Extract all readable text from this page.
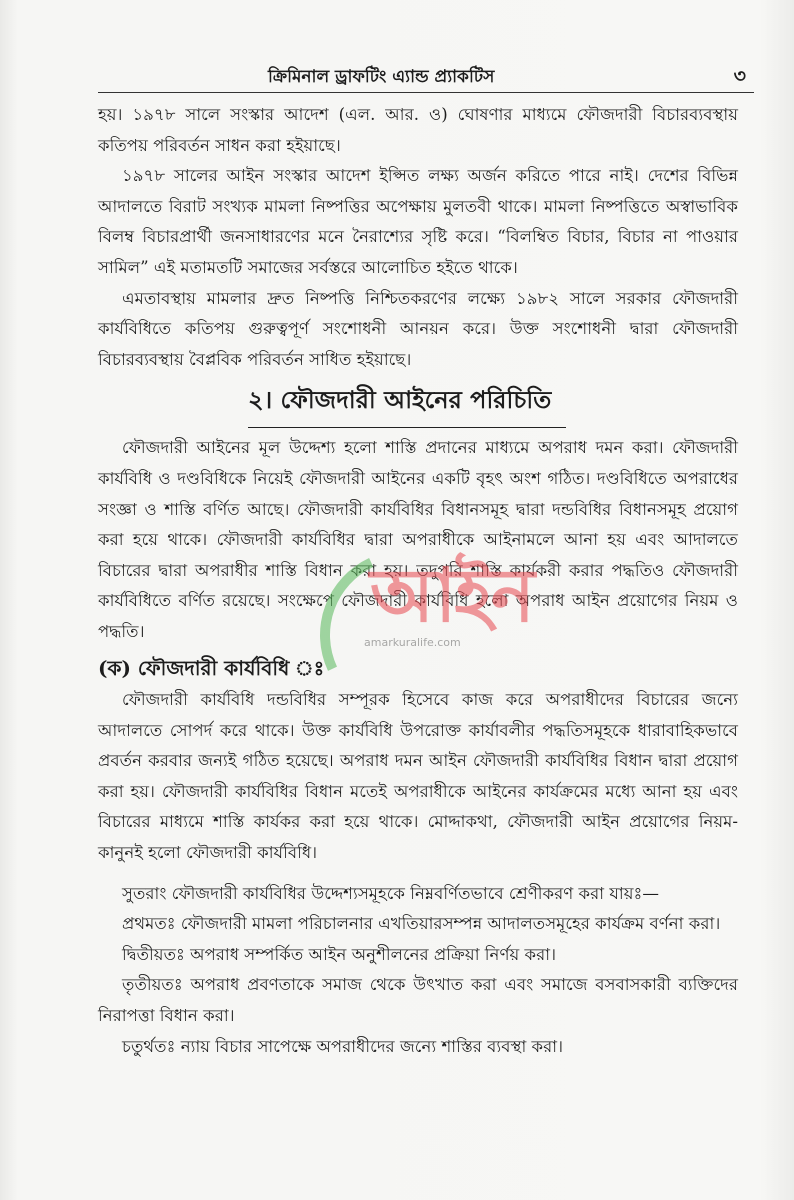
ক্রিমিনাল ড্রাফটিং এ্যান্ড প্র্যাকটিস	৩

হয়। ১৯৭৮ সালে সংস্কার আদেশ (এল. আর. ও) ঘোষণার মাধ্যমে ফৌজদারী বিচারব্যবস্থায় কতিপয় পরিবর্তন সাধন করা হইয়াছে।

১৯৭৮ সালের আইন সংস্কার আদেশ ইপ্সিত লক্ষ্য অর্জন করিতে পারে নাই। দেশের বিভিন্ন আদালতে বিরাট সংখ্যক মামলা নিষ্পত্তির অপেক্ষায় মুলতবী থাকে। মামলা নিষ্পত্তিতে অস্বাভাবিক বিলম্ব বিচারপ্রার্থী জনসাধারণের মনে নৈরাশ্যের সৃষ্টি করে। “বিলম্বিত বিচার, বিচার না পাওয়ার সামিল” এই মতামতটি সমাজের সর্বস্তরে আলোচিত হইতে থাকে।

এমতাবস্থায় মামলার দ্রুত নিষ্পত্তি নিশ্চিতকরণের লক্ষ্যে ১৯৮২ সালে সরকার ফৌজদারী কার্যবিধিতে কতিপয় গুরুত্বপূর্ণ সংশোধনী আনয়ন করে। উক্ত সংশোধনী দ্বারা ফৌজদারী বিচারব্যবস্থায় বৈপ্লবিক পরিবর্তন সাধিত হইয়াছে।

২। ফৌজদারী আইনের পরিচিতি

ফৌজদারী আইনের মূল উদ্দেশ্য হলো শাস্তি প্রদানের মাধ্যমে অপরাধ দমন করা। ফৌজদারী কার্যবিধি ও দণ্ডবিধিকে নিয়েই ফৌজদারী আইনের একটি বৃহৎ অংশ গঠিত। দণ্ডবিধিতে অপরাধের সংজ্ঞা ও শাস্তি বর্ণিত আছে। ফৌজদারী কার্যবিধির বিধানসমূহ দ্বারা দন্ডবিধির বিধানসমূহ প্রয়োগ করা হয়ে থাকে। ফৌজদারী কার্যবিধির দ্বারা অপরাধীকে আইনামলে আনা হয় এবং আদালতে বিচারের দ্বারা অপরাধীর শাস্তি বিধান করা হয়। তদুপরি শাস্তি কার্যকরী করার পদ্ধতিও ফৌজদারী কার্যবিধিতে বর্ণিত রয়েছে। সংক্ষেপে ফৌজদারী কার্যবিধি হলো অপরাধ আইন প্রয়োগের নিয়ম ও পদ্ধতি।

(ক) ফৌজদারী কার্যবিধি ঃ

ফৌজদারী কার্যবিধি দন্ডবিধির সম্পূরক হিসেবে কাজ করে অপরাধীদের বিচারের জন্যে আদালতে সোপর্দ করে থাকে। উক্ত কার্যবিধি উপরোক্ত কার্যাবলীর পদ্ধতিসমূহকে ধারাবাহিকভাবে প্রবর্তন করবার জন্যই গঠিত হয়েছে। অপরাধ দমন আইন ফৌজদারী কার্যবিধির বিধান দ্বারা প্রয়োগ করা হয়। ফৌজদারী কার্যবিধির বিধান মতেই অপরাধীকে আইনের কার্যক্রমের মধ্যে আনা হয় এবং বিচারের মাধ্যমে শাস্তি কার্যকর করা হয়ে থাকে। মোদ্দাকথা, ফৌজদারী আইন প্রয়োগের নিয়ম-কানুনই হলো ফৌজদারী কার্যবিধি।

সুতরাং ফৌজদারী কার্যবিধির উদ্দেশ্যসমূহকে নিম্নবর্ণিতভাবে শ্রেণীকরণ করা যায়ঃ—

প্রথমতঃ ফৌজদারী মামলা পরিচালনার এখতিয়ারসম্পন্ন আদালতসমূহের কার্যক্রম বর্ণনা করা।

দ্বিতীয়তঃ অপরাধ সম্পর্কিত আইন অনুশীলনের প্রক্রিয়া নির্ণয় করা।

তৃতীয়তঃ অপরাধ প্রবণতাকে সমাজ থেকে উৎখাত করা এবং সমাজে বসবাসকারী ব্যক্তিদের নিরাপত্তা বিধান করা।

চতুর্থতঃ ন্যায় বিচার সাপেক্ষে অপরাধীদের জন্যে শাস্তির ব্যবস্থা করা।

আইন
amarkuralife.com
